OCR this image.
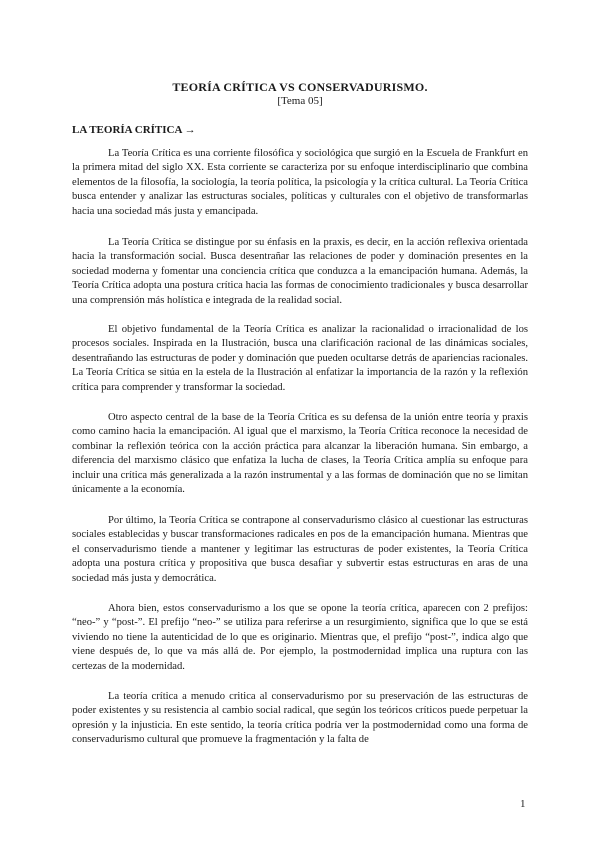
TEORÍA CRÍTICA VS CONSERVADURISMO.
[Tema 05]
LA TEORÍA CRÍTICA →

La Teoría Crítica es una corriente filosófica y sociológica que surgió en la Escuela de Frankfurt en la primera mitad del siglo XX. Esta corriente se caracteriza por su enfoque interdisciplinario que combina elementos de la filosofía, la sociología, la teoría política, la psicología y la crítica cultural. La Teoría Crítica busca entender y analizar las estructuras sociales, políticas y culturales con el objetivo de transformarlas hacia una sociedad más justa y emancipada.

La Teoría Crítica se distingue por su énfasis en la praxis, es decir, en la acción reflexiva orientada hacia la transformación social. Busca desentrañar las relaciones de poder y dominación presentes en la sociedad moderna y fomentar una conciencia crítica que conduzca a la emancipación humana. Además, la Teoría Crítica adopta una postura crítica hacia las formas de conocimiento tradicionales y busca desarrollar una comprensión más holística e integrada de la realidad social.

El objetivo fundamental de la Teoría Crítica es analizar la racionalidad o irracionalidad de los procesos sociales. Inspirada en la Ilustración, busca una clarificación racional de las dinámicas sociales, desentrañando las estructuras de poder y dominación que pueden ocultarse detrás de apariencias racionales. La Teoría Crítica se sitúa en la estela de la Ilustración al enfatizar la importancia de la razón y la reflexión crítica para comprender y transformar la sociedad.

Otro aspecto central de la base de la Teoría Crítica es su defensa de la unión entre teoría y praxis como camino hacia la emancipación. Al igual que el marxismo, la Teoría Crítica reconoce la necesidad de combinar la reflexión teórica con la acción práctica para alcanzar la liberación humana. Sin embargo, a diferencia del marxismo clásico que enfatiza la lucha de clases, la Teoría Crítica amplía su enfoque para incluir una crítica más generalizada a la razón instrumental y a las formas de dominación que no se limitan únicamente a la economía.

Por último, la Teoría Crítica se contrapone al conservadurismo clásico al cuestionar las estructuras sociales establecidas y buscar transformaciones radicales en pos de la emancipación humana. Mientras que el conservadurismo tiende a mantener y legitimar las estructuras de poder existentes, la Teoría Crítica adopta una postura crítica y propositiva que busca desafiar y subvertir estas estructuras en aras de una sociedad más justa y democrática.

Ahora bien, estos conservadurismo a los que se opone la teoría crítica, aparecen con 2 prefijos: “neo-” y “post-”. El prefijo “neo-” se utiliza para referirse a un resurgimiento, significa que lo que se está viviendo no tiene la autenticidad de lo que es originario. Mientras que, el prefijo “post-”, indica algo que viene después de, lo que va más allá de. Por ejemplo, la postmodernidad implica una ruptura con las certezas de la modernidad.

La teoría crítica a menudo critica al conservadurismo por su preservación de las estructuras de poder existentes y su resistencia al cambio social radical, que según los teóricos críticos puede perpetuar la opresión y la injusticia. En este sentido, la teoría crítica podría ver la postmodernidad como una forma de conservadurismo cultural que promueve la fragmentación y la falta de

1
